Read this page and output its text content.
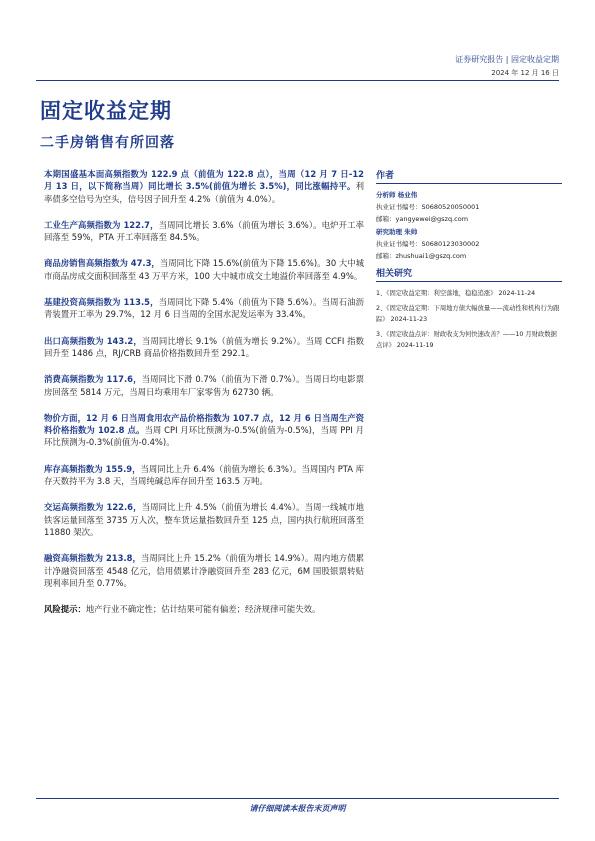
证券研究报告 | 固定收益定期
2024 年 12 月 16 日
固定收益定期
二手房销售有所回落

本期国盛基本面高频指数为 122.9 点（前值为 122.8 点），当周（12 月 7 日-12 月 13 日，以下简称当周）同比增长 3.5%(前值为增长 3.5%)，同比涨幅持平。利率债多空信号为空头，信号因子回升至 4.2%（前值为 4.0%）。

工业生产高频指数为 122.7，当周同比增长 3.6%（前值为增长 3.6%）。电炉开工率回落至 59%，PTA 开工率回落至 84.5%。

商品房销售高频指数为 47.3，当周同比下降 15.6%(前值为下降 15.6%)。30 大中城市商品房成交面积回落至 43 万平方米，100 大中城市成交土地溢价率回落至 4.9%。

基建投资高频指数为 113.5，当周同比下降 5.4%（前值为下降 5.6%）。当周石油沥青装置开工率为 29.7%，12 月 6 日当周的全国水泥发运率为 33.4%。

出口高频指数为 143.2，当周同比增长 9.1%（前值为增长 9.2%）。当周 CCFI 指数回升至 1486 点，RJ/CRB 商品价格指数回升至 292.1。

消费高频指数为 117.6，当周同比下滑 0.7%（前值为下滑 0.7%）。当周日均电影票房回落至 5814 万元，当周日均乘用车厂家零售为 62730 辆。

物价方面，12 月 6 日当周食用农产品价格指数为 107.7 点，12 月 6 日当周生产资料价格指数为 102.8 点。当周 CPI 月环比预测为-0.5%(前值为-0.5%)，当周 PPI 月环比预测为-0.3%(前值为-0.4%)。

库存高频指数为 155.9，当周同比上升 6.4%（前值为增长 6.3%）。当周国内 PTA 库存天数持平为 3.8 天，当周纯碱总库存回升至 163.5 万吨。

交运高频指数为 122.6，当周同比上升 4.5%（前值为增长 4.4%）。当周一线城市地铁客运量回落至 3735 万人次，整车货运量指数回升至 125 点，国内执行航班回落至 11880 架次。

融资高频指数为 213.8，当周同比上升 15.2%（前值为增长 14.9%）。周内地方债累计净融资回落至 4548 亿元，信用债累计净融资回升至 283 亿元，6M 国股银票转贴现利率回升至 0.77%。

风险提示：地产行业不确定性；估计结果可能有偏差；经济规律可能失效。

作者
分析师 杨业伟
执业证书编号：S0680520050001
邮箱：yangyewei@gszq.com
研究助理 朱帅
执业证书编号：S0680123030002
邮箱：zhushuai1@gszq.com
相关研究
1、《固定收益定期：利空落地，稳稳追涨》 2024-11-24
2、《固定收益定期：下周地方债大幅放量——流动性和机构行为跟踪》 2024-11-23
3、《固定收益点评：财政收支为何快速改善？——10 月财政数据点评》 2024-11-19
请仔细阅读本报告末页声明
